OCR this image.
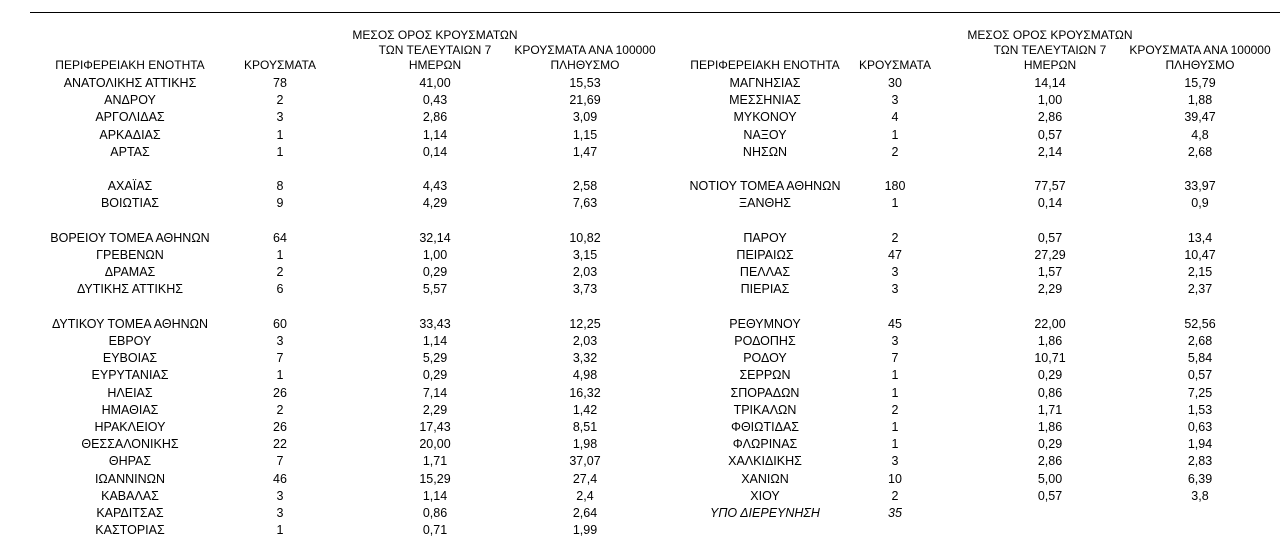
ΠΕΡΙΦΕΡΕΙΑΚΗ ΕΝΟΤΗΤΑ	ΚΡΟΥΣΜΑΤΑ
ΜΕΣΟΣ ΟΡΟΣ ΚΡΟΥΣΜΑΤΩΝ
ΤΩΝ ΤΕΛΕΥΤΑΙΩΝ 7
ΗΜΕΡΩΝ
ΚΡΟΥΣΜΑΤΑ ΑΝΑ 100000
ΠΛΗΘΥΣΜΟ
ΑΝΑΤΟΛΙΚΗΣ ΑΤΤΙΚΗΣ	78	41,00	15,53
ΑΝΔΡΟΥ	2	0,43	21,69
ΑΡΓΟΛΙΔΑΣ	3	2,86	3,09
ΑΡΚΑΔΙΑΣ	1	1,14	1,15
ΑΡΤΑΣ	1	0,14	1,47
ΑΧΑΪΑΣ	8	4,43	2,58
ΒΟΙΩΤΙΑΣ	9	4,29	7,63
ΒΟΡΕΙΟΥ ΤΟΜΕΑ ΑΘΗΝΩΝ	64	32,14	10,82
ΓΡΕΒΕΝΩΝ	1	1,00	3,15
ΔΡΑΜΑΣ	2	0,29	2,03
ΔΥΤΙΚΗΣ ΑΤΤΙΚΗΣ	6	5,57	3,73
ΔΥΤΙΚΟΥ ΤΟΜΕΑ ΑΘΗΝΩΝ	60	33,43	12,25
ΕΒΡΟΥ	3	1,14	2,03
ΕΥΒΟΙΑΣ	7	5,29	3,32
ΕΥΡΥΤΑΝΙΑΣ	1	0,29	4,98
ΗΛΕΙΑΣ	26	7,14	16,32
ΗΜΑΘΙΑΣ	2	2,29	1,42
ΗΡΑΚΛΕΙΟΥ	26	17,43	8,51
ΘΕΣΣΑΛΟΝΙΚΗΣ	22	20,00	1,98
ΘΗΡΑΣ	7	1,71	37,07
ΙΩΑΝΝΙΝΩΝ	46	15,29	27,4
ΚΑΒΑΛΑΣ	3	1,14	2,4
ΚΑΡΔΙΤΣΑΣ	3	0,86	2,64
ΚΑΣΤΟΡΙΑΣ	1	0,71	1,99
ΠΕΡΙΦΕΡΕΙΑΚΗ ΕΝΟΤΗΤΑ	ΚΡΟΥΣΜΑΤΑ
ΜΕΣΟΣ ΟΡΟΣ ΚΡΟΥΣΜΑΤΩΝ
ΤΩΝ ΤΕΛΕΥΤΑΙΩΝ 7
ΗΜΕΡΩΝ
ΚΡΟΥΣΜΑΤΑ ΑΝΑ 100000
ΠΛΗΘΥΣΜΟ
ΜΑΓΝΗΣΙΑΣ	30	14,14	15,79
ΜΕΣΣΗΝΙΑΣ	3	1,00	1,88
ΜΥΚΟΝΟΥ	4	2,86	39,47
ΝΑΞΟΥ	1	0,57	4,8
ΝΗΣΩΝ	2	2,14	2,68
ΝΟΤΙΟΥ ΤΟΜΕΑ ΑΘΗΝΩΝ	180	77,57	33,97
ΞΑΝΘΗΣ	1	0,14	0,9
ΠΑΡΟΥ	2	0,57	13,4
ΠΕΙΡΑΙΩΣ	47	27,29	10,47
ΠΕΛΛΑΣ	3	1,57	2,15
ΠΙΕΡΙΑΣ	3	2,29	2,37
ΡΕΘΥΜΝΟΥ	45	22,00	52,56
ΡΟΔΟΠΗΣ	3	1,86	2,68
ΡΟΔΟΥ	7	10,71	5,84
ΣΕΡΡΩΝ	1	0,29	0,57
ΣΠΟΡΑΔΩΝ	1	0,86	7,25
ΤΡΙΚΑΛΩΝ	2	1,71	1,53
ΦΘΙΩΤΙΔΑΣ	1	1,86	0,63
ΦΛΩΡΙΝΑΣ	1	0,29	1,94
ΧΑΛΚΙΔΙΚΗΣ	3	2,86	2,83
ΧΑΝΙΩΝ	10	5,00	6,39
ΧΙΟΥ	2	0,57	3,8
ΥΠΟ ΔΙΕΡΕΥΝΗΣΗ	35
